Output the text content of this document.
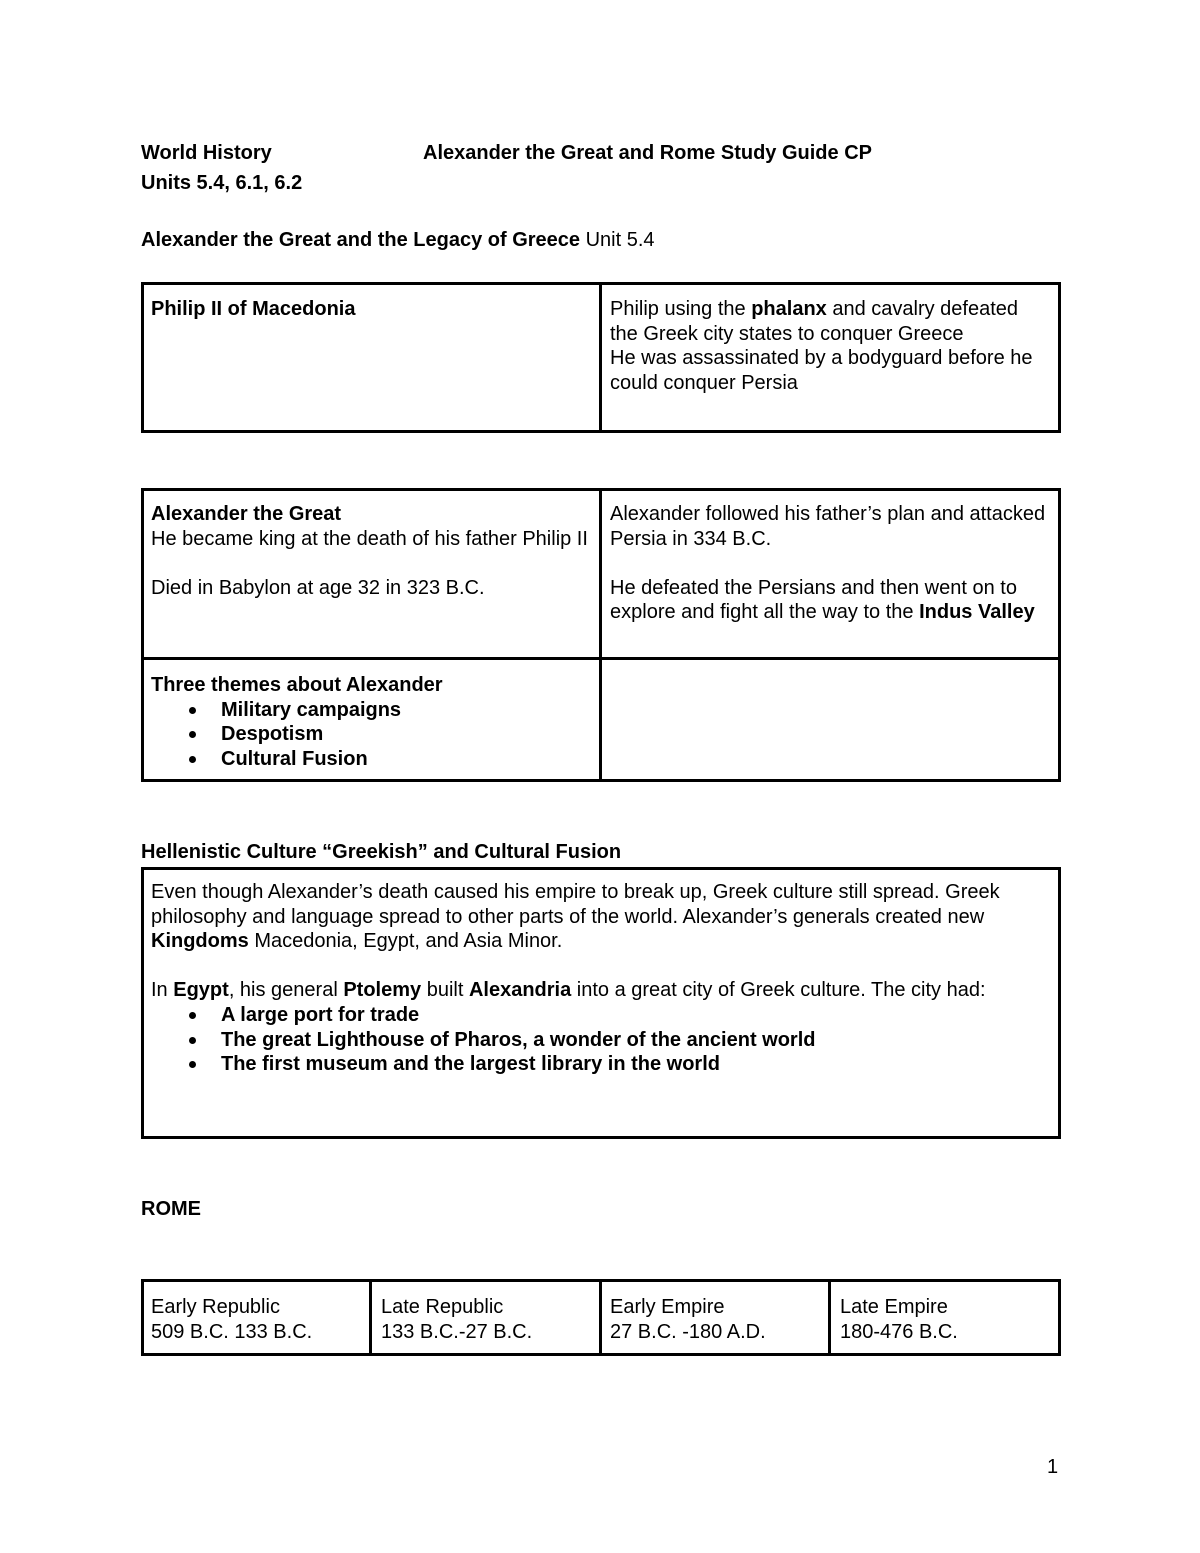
World History	Alexander the Great and Rome Study Guide CP
Units 5.4, 6.1, 6.2
Alexander the Great and the Legacy of Greece Unit 5.4
Philip II of Macedonia	Philip using the phalanx and cavalry defeated the Greek city states to conquer Greece
He was assassinated by a bodyguard before he could conquer Persia
Alexander the Great
He became king at the death of his father Philip II
Died in Babylon at age 32 in 323 B.C.
Alexander followed his father’s plan and attacked Persia in 334 B.C.
He defeated the Persians and then went on to explore and fight all the way to the Indus Valley
Three themes about Alexander
Military campaigns
Despotism
Cultural Fusion
Hellenistic Culture “Greekish” and Cultural Fusion
Even though Alexander’s death caused his empire to break up, Greek culture still spread. Greek philosophy and language spread to other parts of the world. Alexander’s generals created new Kingdoms Macedonia, Egypt, and Asia Minor.
In Egypt, his general Ptolemy built Alexandria into a great city of Greek culture. The city had:
A large port for trade
The great Lighthouse of Pharos, a wonder of the ancient world
The first museum and the largest library in the world
ROME
Early Republic
509 B.C. 133 B.C.
Late Republic
133 B.C.-27 B.C.
Early Empire
27 B.C. -180 A.D.
Late Empire
180-476 B.C.
1
